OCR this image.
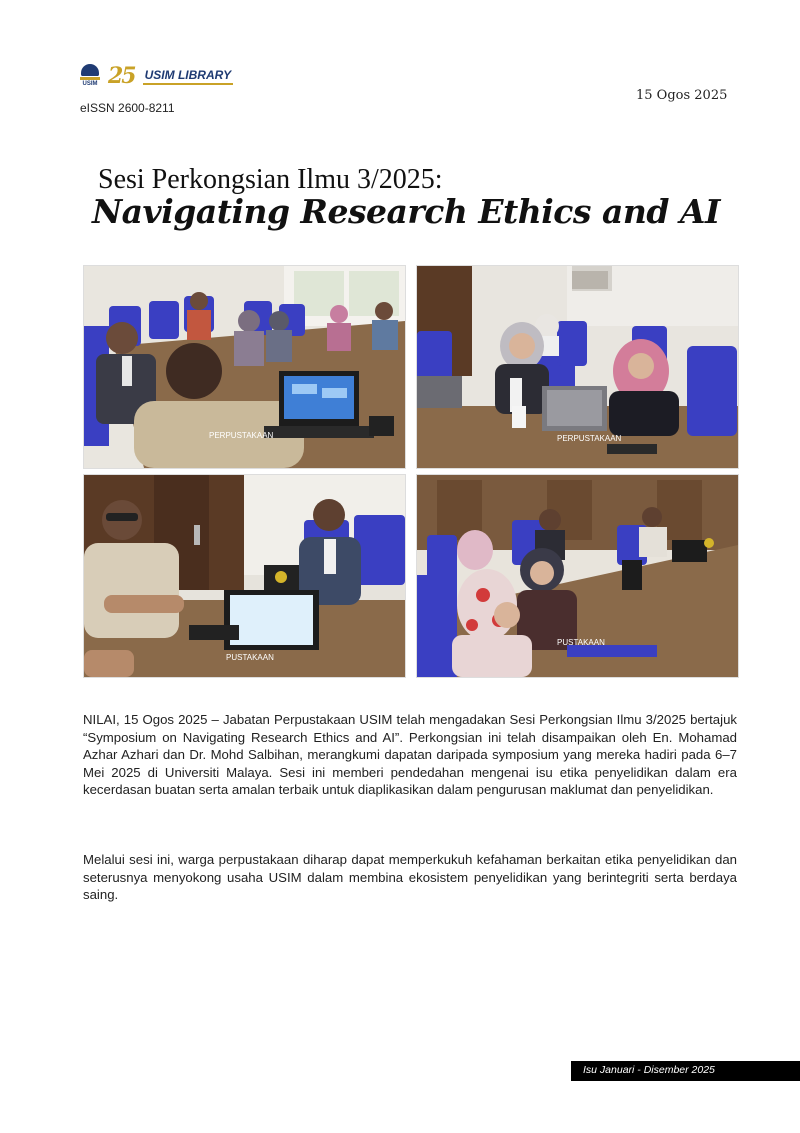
USIM 25 USIM LIBRARY
eISSN 2600-8211
15 Ogos 2025
Sesi Perkongsian Ilmu 3/2025:
Navigating Research Ethics and AI
PERPUSTAKAAN	PERPUSTAKAAN
PUSTAKAAN
PUSTAKAAN

NILAI, 15 Ogos 2025 – Jabatan Perpustakaan USIM telah mengadakan Sesi Perkongsian Ilmu 3/2025 bertajuk “Symposium on Navigating Research Ethics and AI”. Perkongsian ini telah disampaikan oleh En. Mohamad Azhar Azhari dan Dr. Mohd Salbihan, merangkumi dapatan daripada symposium yang mereka hadiri pada 6–7 Mei 2025 di Universiti Malaya. Sesi ini memberi pendedahan mengenai isu etika penyelidikan dalam era kecerdasan buatan serta amalan terbaik untuk diaplikasikan dalam pengurusan maklumat dan penyelidikan.

Melalui sesi ini, warga perpustakaan diharap dapat memperkukuh kefahaman berkaitan etika penyelidikan dan seterusnya menyokong usaha USIM dalam membina ekosistem penyelidikan yang berintegriti serta berdaya saing.

Isu Januari - Disember 2025
